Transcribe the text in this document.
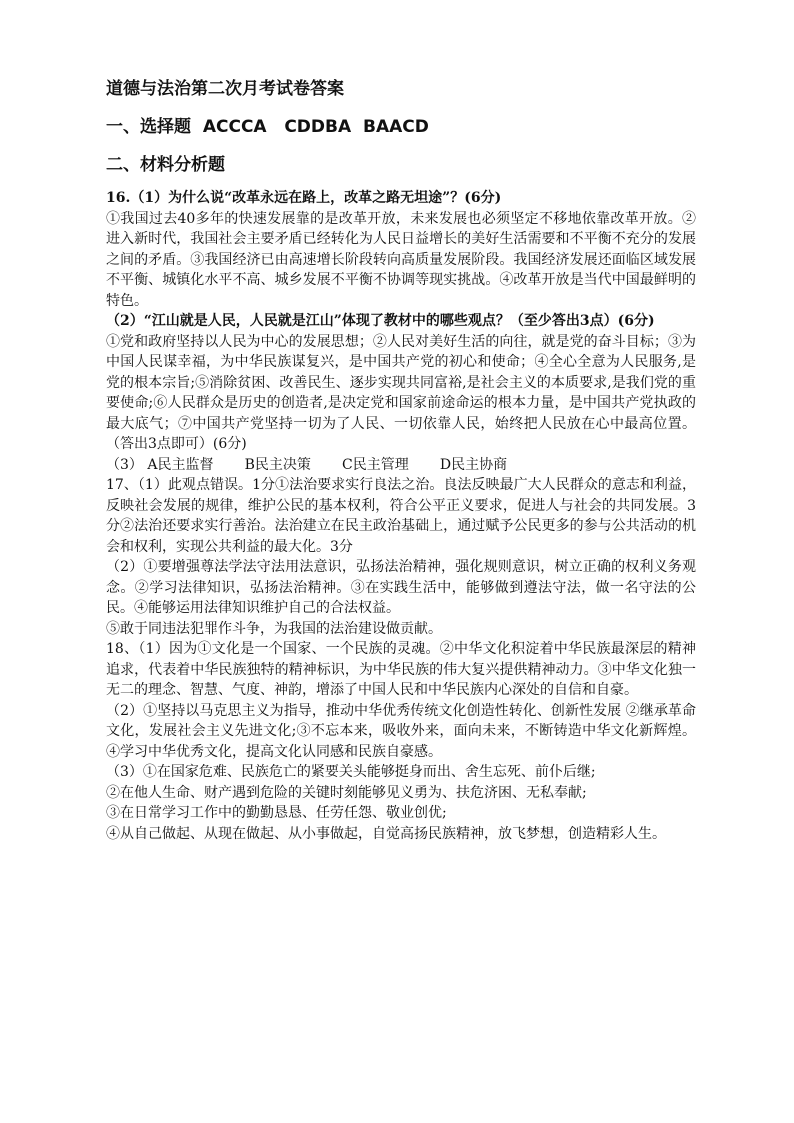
道德与法治第二次月考试卷答案
一、选择题  ACCCA   CDDBA  BAACD
二、材料分析题

16.（1）为什么说“改革永远在路上，改革之路无坦途”？(6分)

①我国过去40多年的快速发展靠的是改革开放，未来发展也必须坚定不移地依靠改革开放。②进入新时代，我国社会主要矛盾已经转化为人民日益增长的美好生活需要和不平衡不充分的发展之间的矛盾。③我国经济已由高速增长阶段转向高质量发展阶段。我国经济发展还面临区域发展不平衡、城镇化水平不高、城乡发展不平衡不协调等现实挑战。④改革开放是当代中国最鲜明的特色。

（2）“江山就是人民，人民就是江山”体现了教材中的哪些观点？（至少答出3点）(6分)

①党和政府坚持以人民为中心的发展思想；②人民对美好生活的向往，就是党的奋斗目标；③为中国人民谋幸福，为中华民族谋复兴，是中国共产党的初心和使命；④全心全意为人民服务,是党的根本宗旨;⑤消除贫困、改善民生、逐步实现共同富裕,是社会主义的本质要求,是我们党的重要使命;⑥人民群众是历史的创造者,是决定党和国家前途命运的根本力量，是中国共产党执政的最大底气；⑦中国共产党坚持一切为了人民、一切依靠人民，始终把人民放在心中最高位置。（答出3点即可）(6分)

（3） A民主监督       B民主决策       C民主管理       D民主协商

17、（1）此观点错误。1分①法治要求实行良法之治。良法反映最广大人民群众的意志和利益，反映社会发展的规律，维护公民的基本权利，符合公平正义要求，促进人与社会的共同发展。3分②法治还要求实行善治。法治建立在民主政治基础上，通过赋予公民更多的参与公共活动的机会和权利，实现公共利益的最大化。3分

（2）①要增强尊法学法守法用法意识，弘扬法治精神，强化规则意识，树立正确的权利义务观念。②学习法律知识，弘扬法治精神。③在实践生活中，能够做到遵法守法，做一名守法的公民。④能够运用法律知识维护自己的合法权益。

⑤敢于同违法犯罪作斗争，为我国的法治建设做贡献。

18、（1）因为①文化是一个国家、一个民族的灵魂。②中华文化积淀着中华民族最深层的精神追求，代表着中华民族独特的精神标识，为中华民族的伟大复兴提供精神动力。③中华文化独一无二的理念、智慧、气度、神韵，增添了中国人民和中华民族内心深处的自信和自豪。

（2）①坚持以马克思主义为指导，推动中华优秀传统文化创造性转化、创新性发展 ②继承革命文化，发展社会主义先进文化;③不忘本来，吸收外来，面向未来，不断铸造中华文化新辉煌。④学习中华优秀文化，提高文化认同感和民族自豪感。

（3）①在国家危难、民族危亡的紧要关头能够挺身而出、舍生忘死、前仆后继;

②在他人生命、财产遇到危险的关键时刻能够见义勇为、扶危济困、无私奉献;

③在日常学习工作中的勤勤恳恳、任劳任怨、敬业创优;

④从自己做起、从现在做起、从小事做起，自觉高扬民族精神，放飞梦想，创造精彩人生。
